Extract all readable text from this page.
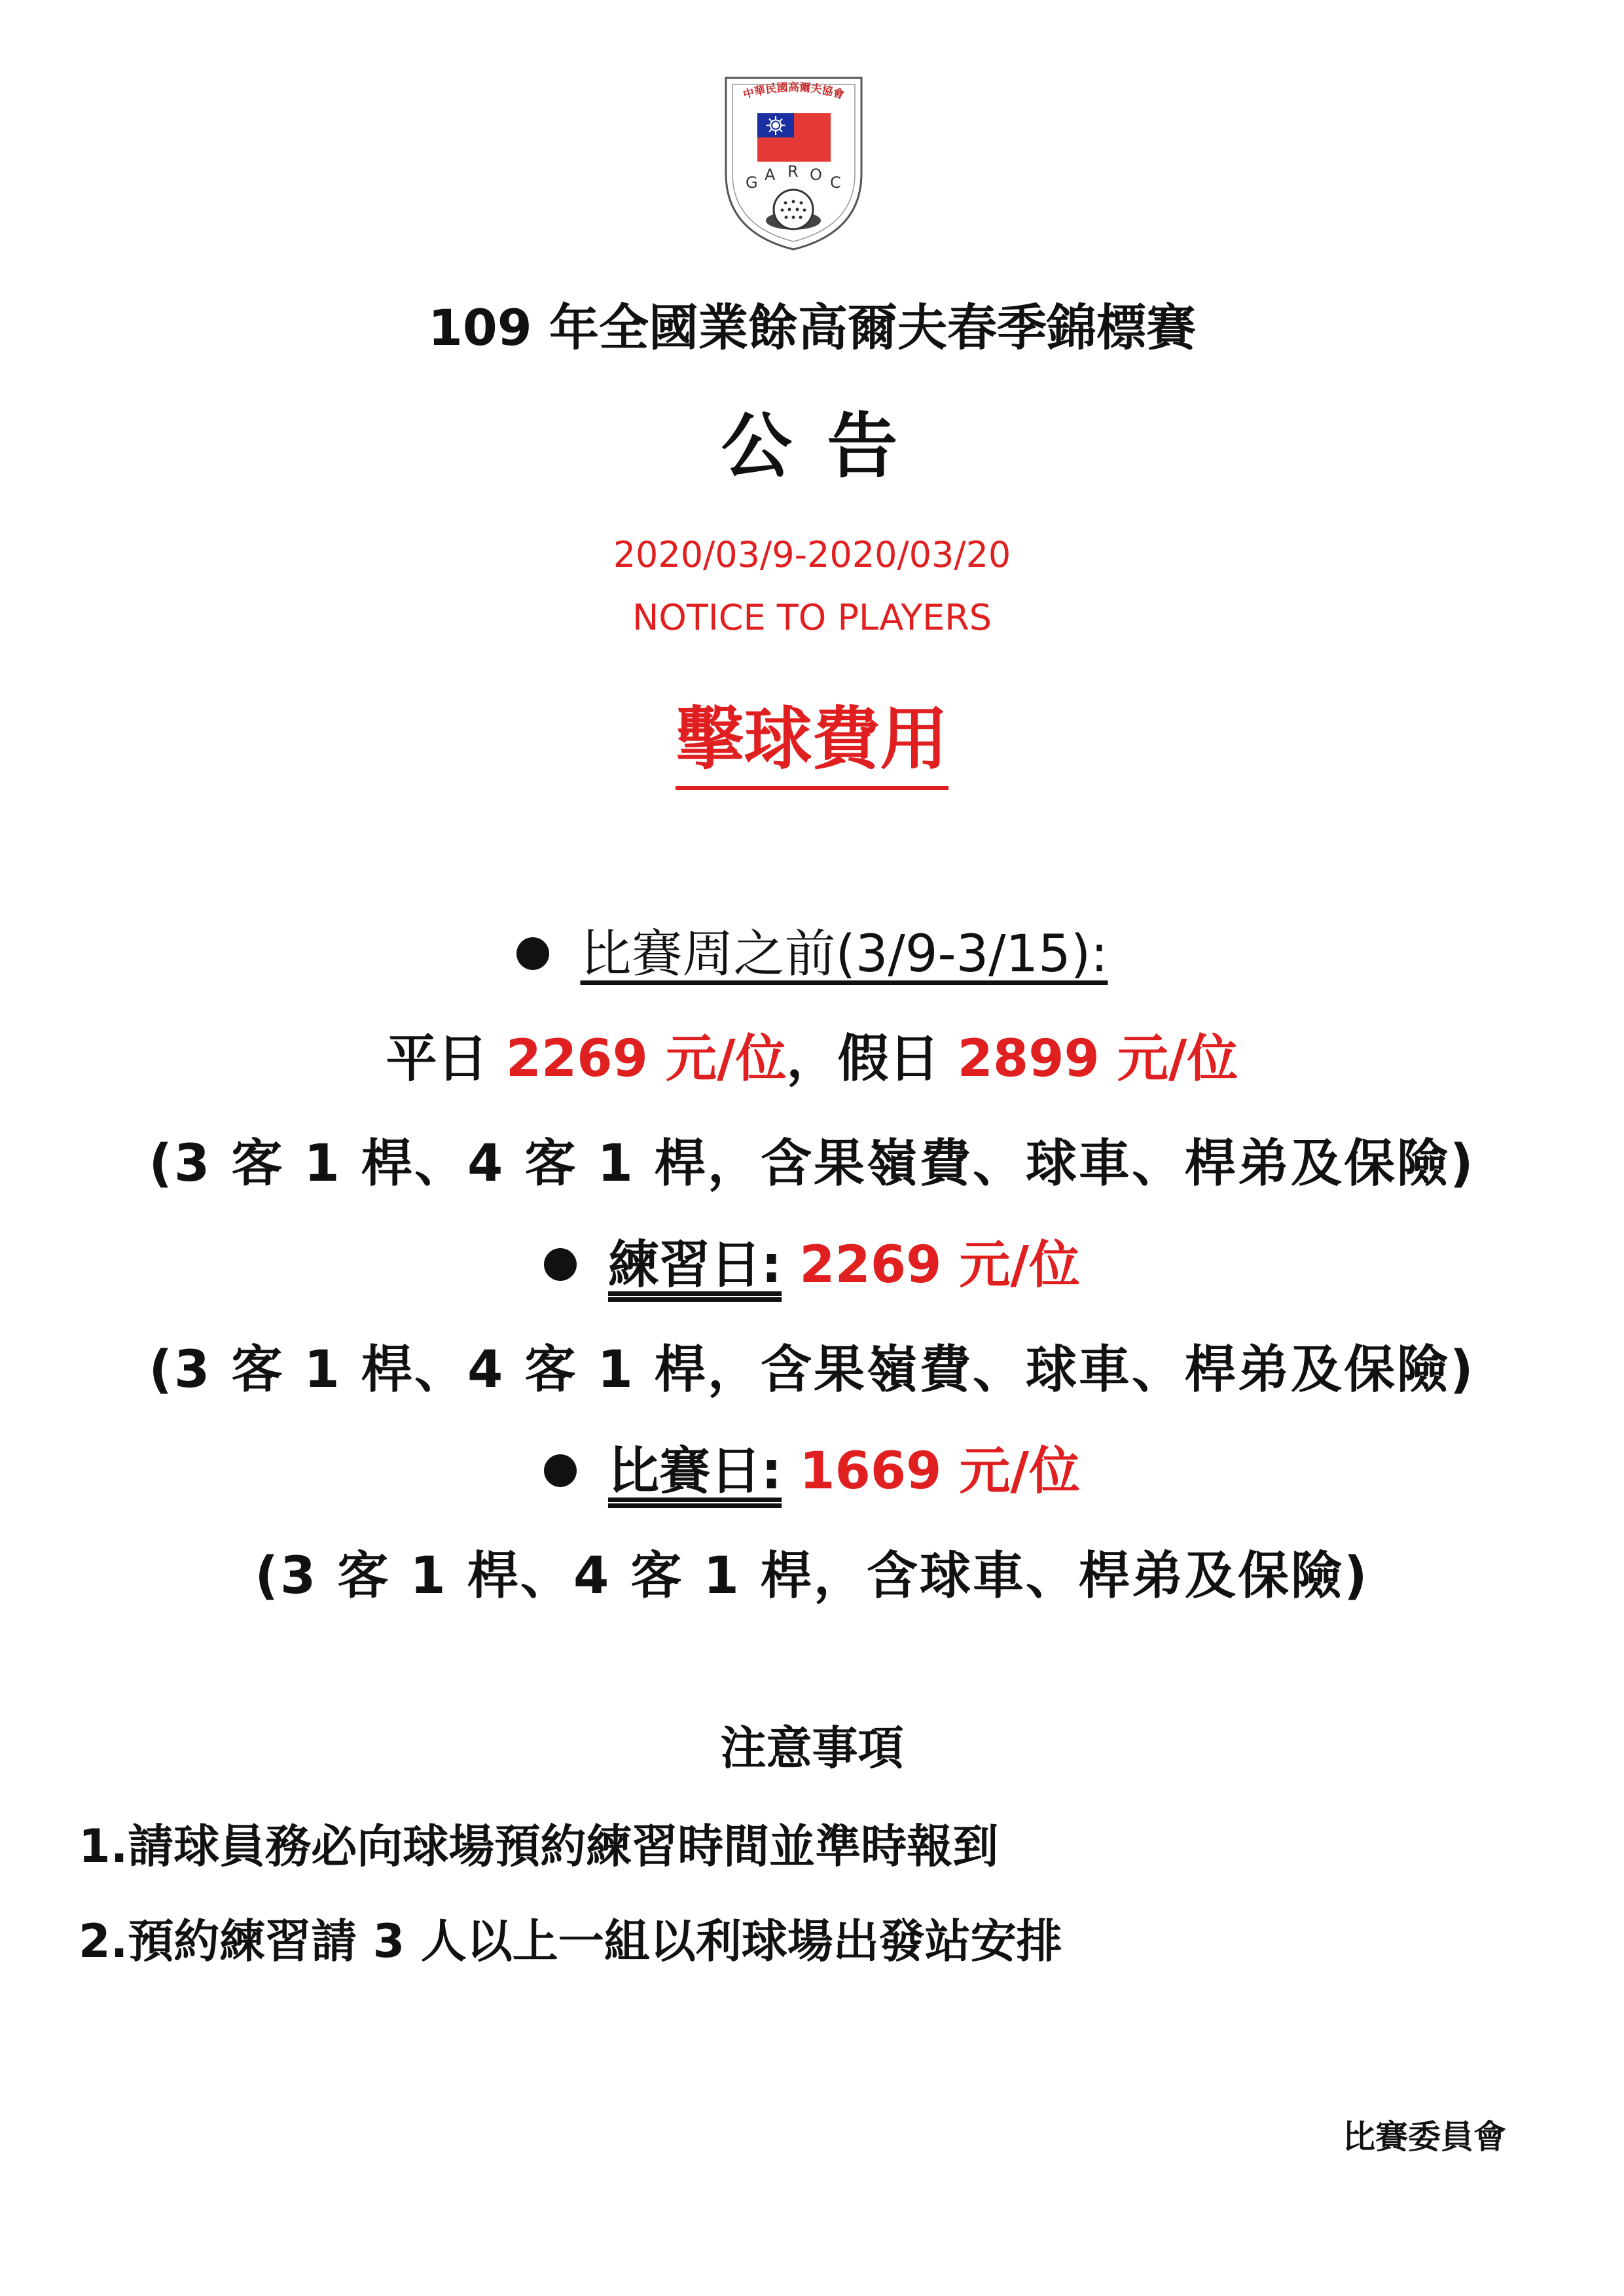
中華民國高爾夫協會
G A R O C
109 年全國業餘高爾夫春季錦標賽
公 告
2020/03/9-2020/03/20
NOTICE TO PLAYERS
擊球費用
比賽周之前(3/9-3/15):
平日 2269 元/位，假日 2899 元/位
(3 客 1 桿、4 客 1 桿，含果嶺費、球車、桿弟及保險)
練習日: 2269 元/位
(3 客 1 桿、4 客 1 桿，含果嶺費、球車、桿弟及保險)
比賽日: 1669 元/位
(3 客 1 桿、4 客 1 桿，含球車、桿弟及保險)
注意事項
1.請球員務必向球場預約練習時間並準時報到
2.預約練習請 3 人以上一組以利球場出發站安排
比賽委員會
